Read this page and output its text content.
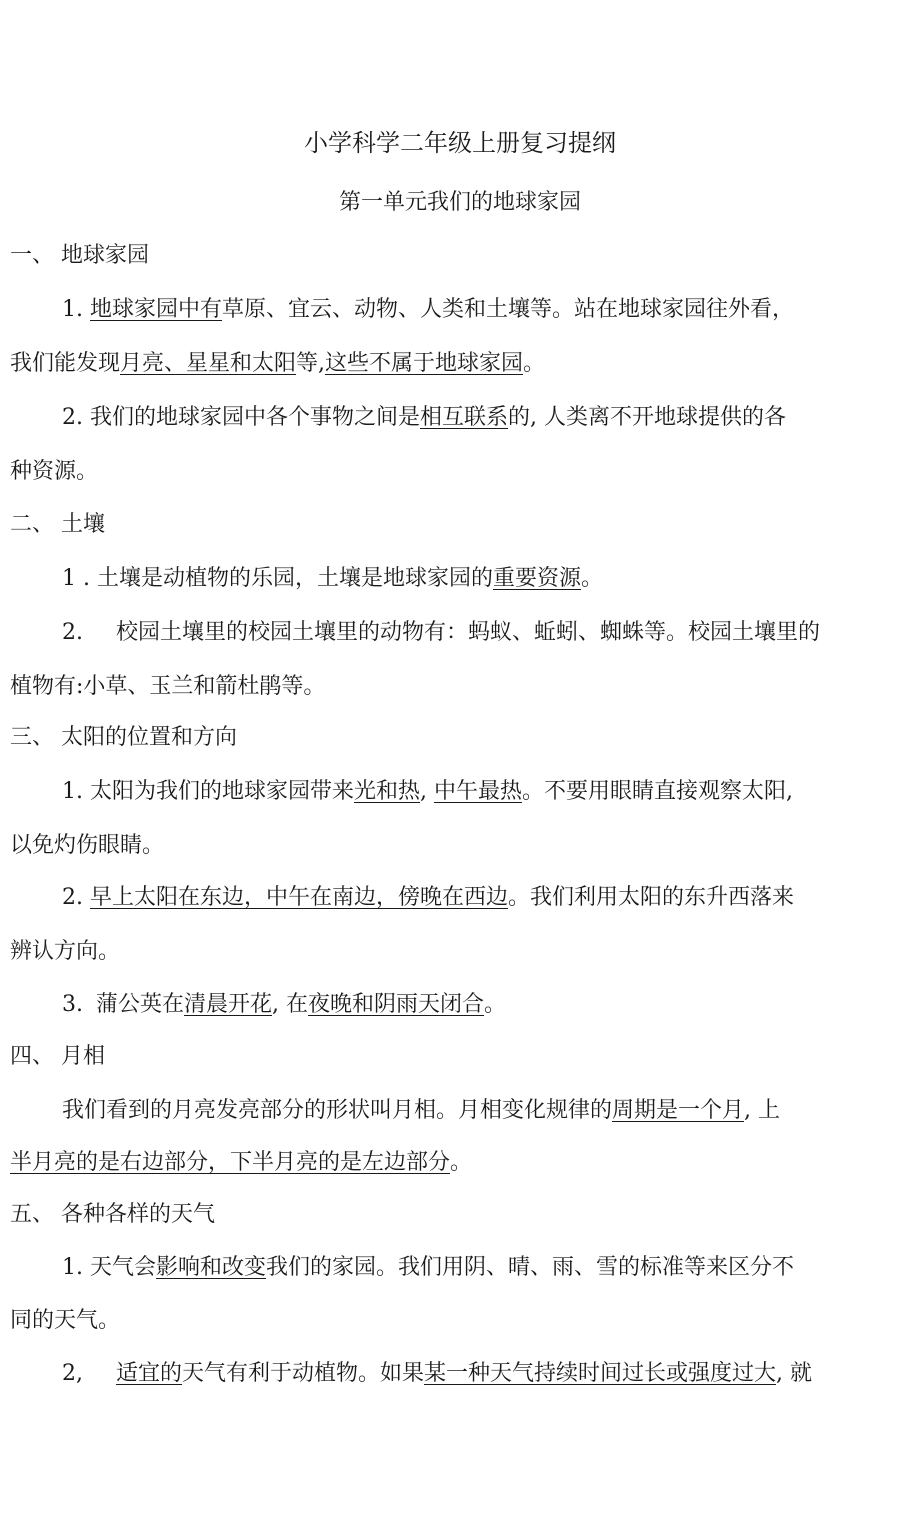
小学科学二年级上册复习提纲
第一单元我们的地球家园
一、 地球家园
1. 地球家园中有草原、宜云、动物、人类和土壤等。站在地球家园往外看，
我们能发现月亮、星星和太阳等,这些不属于地球家园。
2. 我们的地球家园中各个事物之间是相互联系的, 人类离不开地球提供的各
种资源。
二、 土壤
1 . 土壤是动植物的乐园，土壤是地球家园的重要资源。
2. 校园土壤里的校园土壤里的动物有：蚂蚁、蚯蚓、蜘蛛等。校园土壤里的
植物有:小草、玉兰和箭杜鹃等。
三、 太阳的位置和方向
1. 太阳为我们的地球家园带来光和热, 中午最热。不要用眼睛直接观察太阳,
以免灼伤眼睛。
2. 早上太阳在东边，中午在南边，傍晚在西边。我们利用太阳的东升西落来
辨认方向。
3. 蒲公英在清晨开花, 在夜晚和阴雨天闭合。
四、 月相
我们看到的月亮发亮部分的形状叫月相。月相变化规律的周期是一个月, 上
半月亮的是右边部分，下半月亮的是左边部分。
五、 各种各样的天气
1. 天气会影响和改变我们的家园。我们用阴、晴、雨、雪的标准等来区分不
同的天气。
2, 适宜的天气有利于动植物。如果某一种天气持续时间过长或强度过大, 就
